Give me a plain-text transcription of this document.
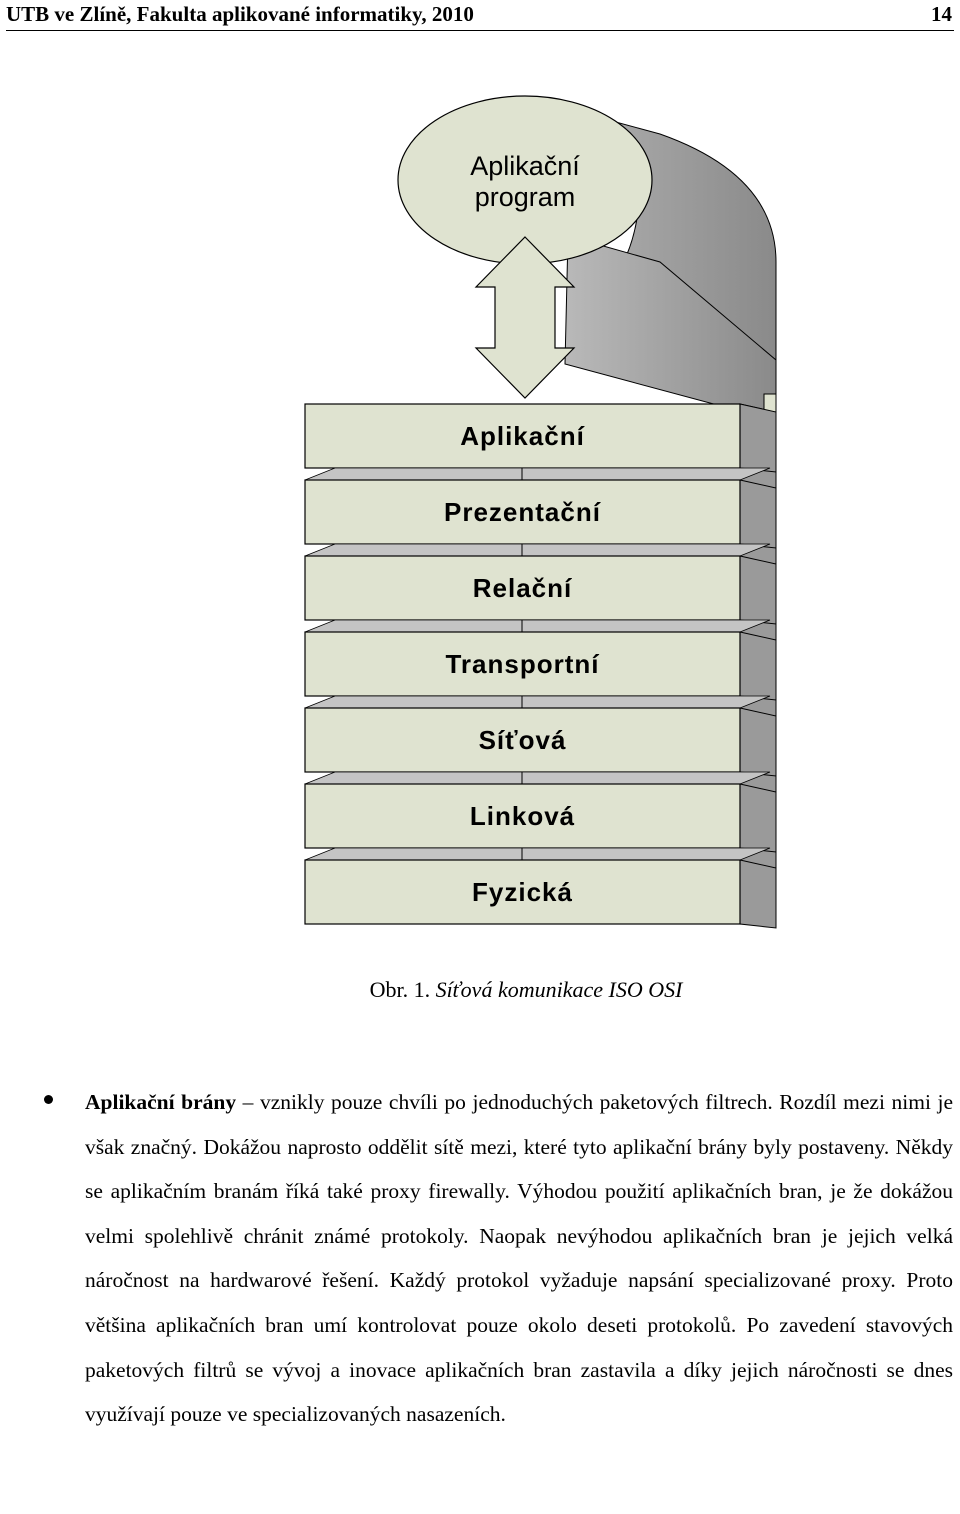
UTB ve Zlíně, Fakulta aplikované informatiky, 2010	14
Aplikační
program
Aplikační
Prezentační
Relační
Transportní
Síťová
Linková
Fyzická
Obr. 1. Síťová komunikace ISO OSI
Aplikační brány – vznikly pouze chvíli po jednoduchých paketových filtrech. Rozdíl mezi nimi je však značný. Dokážou naprosto oddělit sítě mezi, které tyto aplikační brány byly postaveny. Někdy se aplikačním branám říká také proxy firewally. Výhodou použití aplikačních bran, je že dokážou velmi spolehlivě chránit známé protokoly. Naopak nevýhodou aplikačních bran je jejich velká náročnost na hardwarové řešení. Každý protokol vyžaduje napsání specializované proxy. Proto většina aplikačních bran umí kontrolovat pouze okolo deseti protokolů. Po zavedení stavových paketových filtrů se vývoj a inovace aplikačních bran zastavila a díky jejich náročnosti se dnes využívají pouze ve specializovaných nasazeních.
